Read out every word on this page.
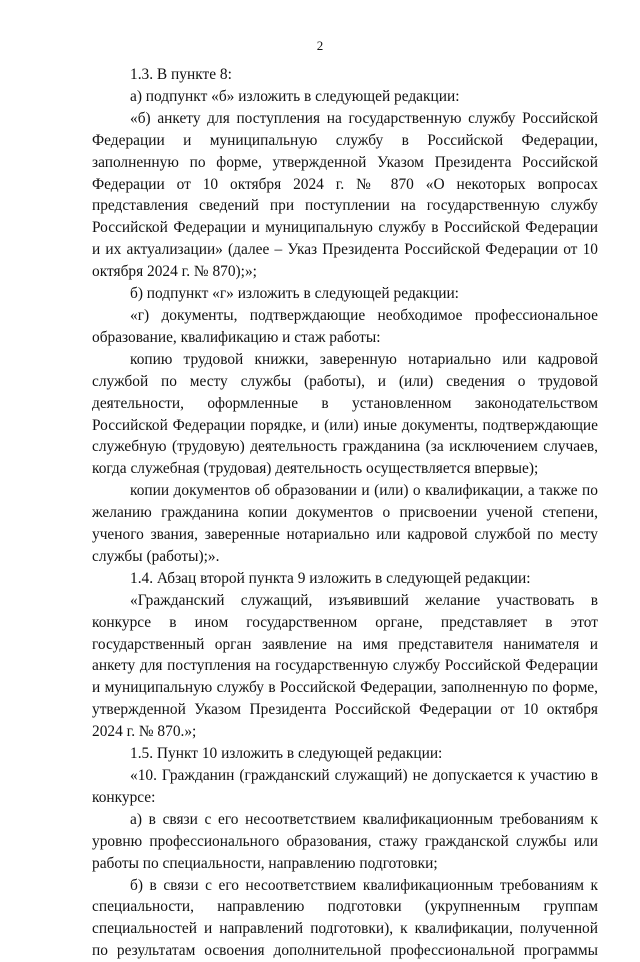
2

1.3. В пункте 8:

а) подпункт «б» изложить в следующей редакции:

«б) анкету для поступления на государственную службу Российской Федерации и муниципальную службу в Российской Федерации, заполненную по форме, утвержденной Указом Президента Российской Федерации от 10 октября 2024 г. № 870 «О некоторых вопросах представления сведений при поступлении на государственную службу Российской Федерации и муниципальную службу в Российской Федерации и их актуализации» (далее – Указ Президента Российской Федерации от 10 октября 2024 г. № 870);»;

б) подпункт «г» изложить в следующей редакции:

«г) документы, подтверждающие необходимое профессиональное образование, квалификацию и стаж работы:

копию трудовой книжки, заверенную нотариально или кадровой службой по месту службы (работы), и (или) сведения о трудовой деятельности, оформленные в установленном законодательством Российской Федерации порядке, и (или) иные документы, подтверждающие служебную (трудовую) деятельность гражданина (за исключением случаев, когда служебная (трудовая) деятельность осуществляется впервые);

копии документов об образовании и (или) о квалификации, а также по желанию гражданина копии документов о присвоении ученой степени, ученого звания, заверенные нотариально или кадровой службой по месту службы (работы);».

1.4. Абзац второй пункта 9 изложить в следующей редакции:

«Гражданский служащий, изъявивший желание участвовать в конкурсе в ином государственном органе, представляет в этот государственный орган заявление на имя представителя нанимателя и анкету для поступления на государственную службу Российской Федерации и муниципальную службу в Российской Федерации, заполненную по форме, утвержденной Указом Президента Российской Федерации от 10 октября 2024 г. № 870.»;

1.5. Пункт 10 изложить в следующей редакции:

«10. Гражданин (гражданский служащий) не допускается к участию в конкурсе:

а) в связи с его несоответствием квалификационным требованиям к уровню профессионального образования, стажу гражданской службы или работы по специальности, направлению подготовки;

б) в связи с его несоответствием квалификационным требованиям к специальности, направлению подготовки (укрупненным группам специальностей и направлений подготовки), к квалификации, полученной по результатам освоения дополнительной профессиональной программы
